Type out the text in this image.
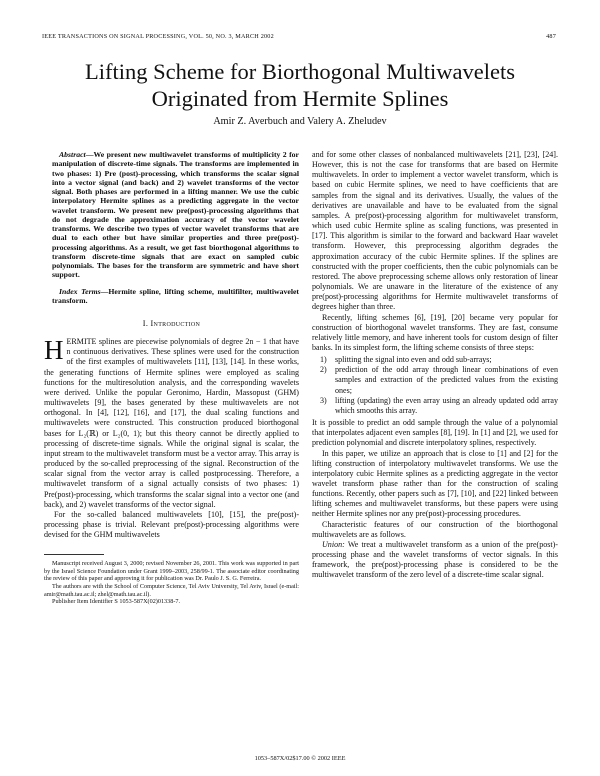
IEEE TRANSACTIONS ON SIGNAL PROCESSING, VOL. 50, NO. 3, MARCH 2002	487
Lifting Scheme for Biorthogonal Multiwavelets
Originated from Hermite Splines
Amir Z. Averbuch and Valery A. Zheludev

Abstract—We present new multiwavelet transforms of multiplicity 2 for manipulation of discrete-time signals. The transforms are implemented in two phases: 1) Pre (post)-processing, which transforms the scalar signal into a vector signal (and back) and 2) wavelet transforms of the vector signal. Both phases are performed in a lifting manner. We use the cubic interpolatory Hermite splines as a predicting aggregate in the vector wavelet transform. We present new pre(post)-processing algorithms that do not degrade the approximation accuracy of the vector wavelet transforms. We describe two types of vector wavelet transforms that are dual to each other but have similar properties and three pre(post)-processing algorithms. As a result, we get fast biorthogonal algorithms to transform discrete-time signals that are exact on sampled cubic polynomials. The bases for the transform are symmetric and have short support.

Index Terms—Hermite spline, lifting scheme, multifilter, multiwavelet transform.

I. Introduction

HERMITE splines are piecewise polynomials of degree 2n − 1 that have n continuous derivatives. These splines were used for the construction of the first examples of multiwavelets [11], [13], [14]. In these works, the generating functions of Hermite splines were employed as scaling functions for the multiresolution analysis, and the corresponding wavelets were derived. Unlike the popular Geronimo, Hardin, Massopust (GHM) multiwavelets [9], the bases generated by these multiwavelets are not orthogonal. In [4], [12], [16], and [17], the dual scaling functions and multiwavelets were constructed. This construction produced biorthogonal bases for L₂(ℝ) or L₂(0, 1); but this theory cannot be directly applied to processing of discrete-time signals. While the original signal is scalar, the input stream to the multiwavelet transform must be a vector array. This array is produced by the so-called preprocessing of the signal. Reconstruction of the scalar signal from the vector array is called postprocessing. Therefore, a multiwavelet transform of a signal actually consists of two phases: 1) Pre(post)-processing, which transforms the scalar signal into a vector one (and back), and 2) wavelet transforms of the vector signal.

For the so-called balanced multiwavelets [10], [15], the pre(post)-processing phase is trivial. Relevant pre(post)-processing algorithms were devised for the GHM multiwavelets

Manuscript received August 3, 2000; revised November 26, 2001. This work was supported in part by the Israel Science Foundation under Grant 1999–2003, 258/99-1. The associate editor coordinating the review of this paper and approving it for publication was Dr. Paulo J. S. G. Ferreira.

The authors are with the School of Computer Science, Tel Aviv University, Tel Aviv, Israel (e-mail: amir@math.tau.ac.il; zhel@math.tau.ac.il).

Publisher Item Identifier S 1053-587X(02)01338-7.

and for some other classes of nonbalanced multiwavelets [21], [23], [24]. However, this is not the case for transforms that are based on Hermite multiwavelets. In order to implement a vector wavelet transform, which is based on cubic Hermite splines, we need to have coefficients that are samples from the signal and its derivatives. Usually, the values of the derivatives are unavailable and have to be evaluated from the signal samples. A pre(post)-processing algorithm for multiwavelet transform, which used cubic Hermite spline as scaling functions, was presented in [17]. This algorithm is similar to the forward and backward Haar wavelet transform. However, this preprocessing algorithm degrades the approximation accuracy of the cubic Hermite splines. If the splines are constructed with the proper coefficients, then the cubic polynomials can be restored. The above preprocessing scheme allows only restoration of linear polynomials. We are unaware in the literature of the existence of any pre(post)-processing algorithms for Hermite multiwavelet transforms of degrees higher than three.

Recently, lifting schemes [6], [19], [20] became very popular for construction of biorthogonal wavelet transforms. They are fast, consume relatively little memory, and have inherent tools for custom design of filter banks. In its simplest form, the lifting scheme consists of three steps:

1) splitting the signal into even and odd sub-arrays;
2) prediction of the odd array through linear combinations of even samples and extraction of the predicted values from the existing ones;
3) lifting (updating) the even array using an already updated odd array which smooths this array.

It is possible to predict an odd sample through the value of a polynomial that interpolates adjacent even samples [8], [19]. In [1] and [2], we used for prediction polynomial and discrete interpolatory splines, respectively.

In this paper, we utilize an approach that is close to [1] and [2] for the lifting construction of interpolatory multiwavelet transforms. We use the interpolatory cubic Hermite splines as a predicting aggregate in the vector wavelet transform phase rather than for the construction of scaling functions. Recently, other papers such as [7], [10], and [22] linked between lifting schemes and multiwavelet transforms, but these papers were using neither Hermite splines nor any pre(post)-processing procedures.

Characteristic features of our construction of the biorthogonal multiwavelets are as follows.

Union: We treat a multiwavelet transform as a union of the pre(post)-processing phase and the wavelet transforms of vector signals. In this framework, the pre(post)-processing phase is considered to be the multiwavelet transform of the zero level of a discrete-time scalar signal.

1053–587X/02$17.00 © 2002 IEEE
